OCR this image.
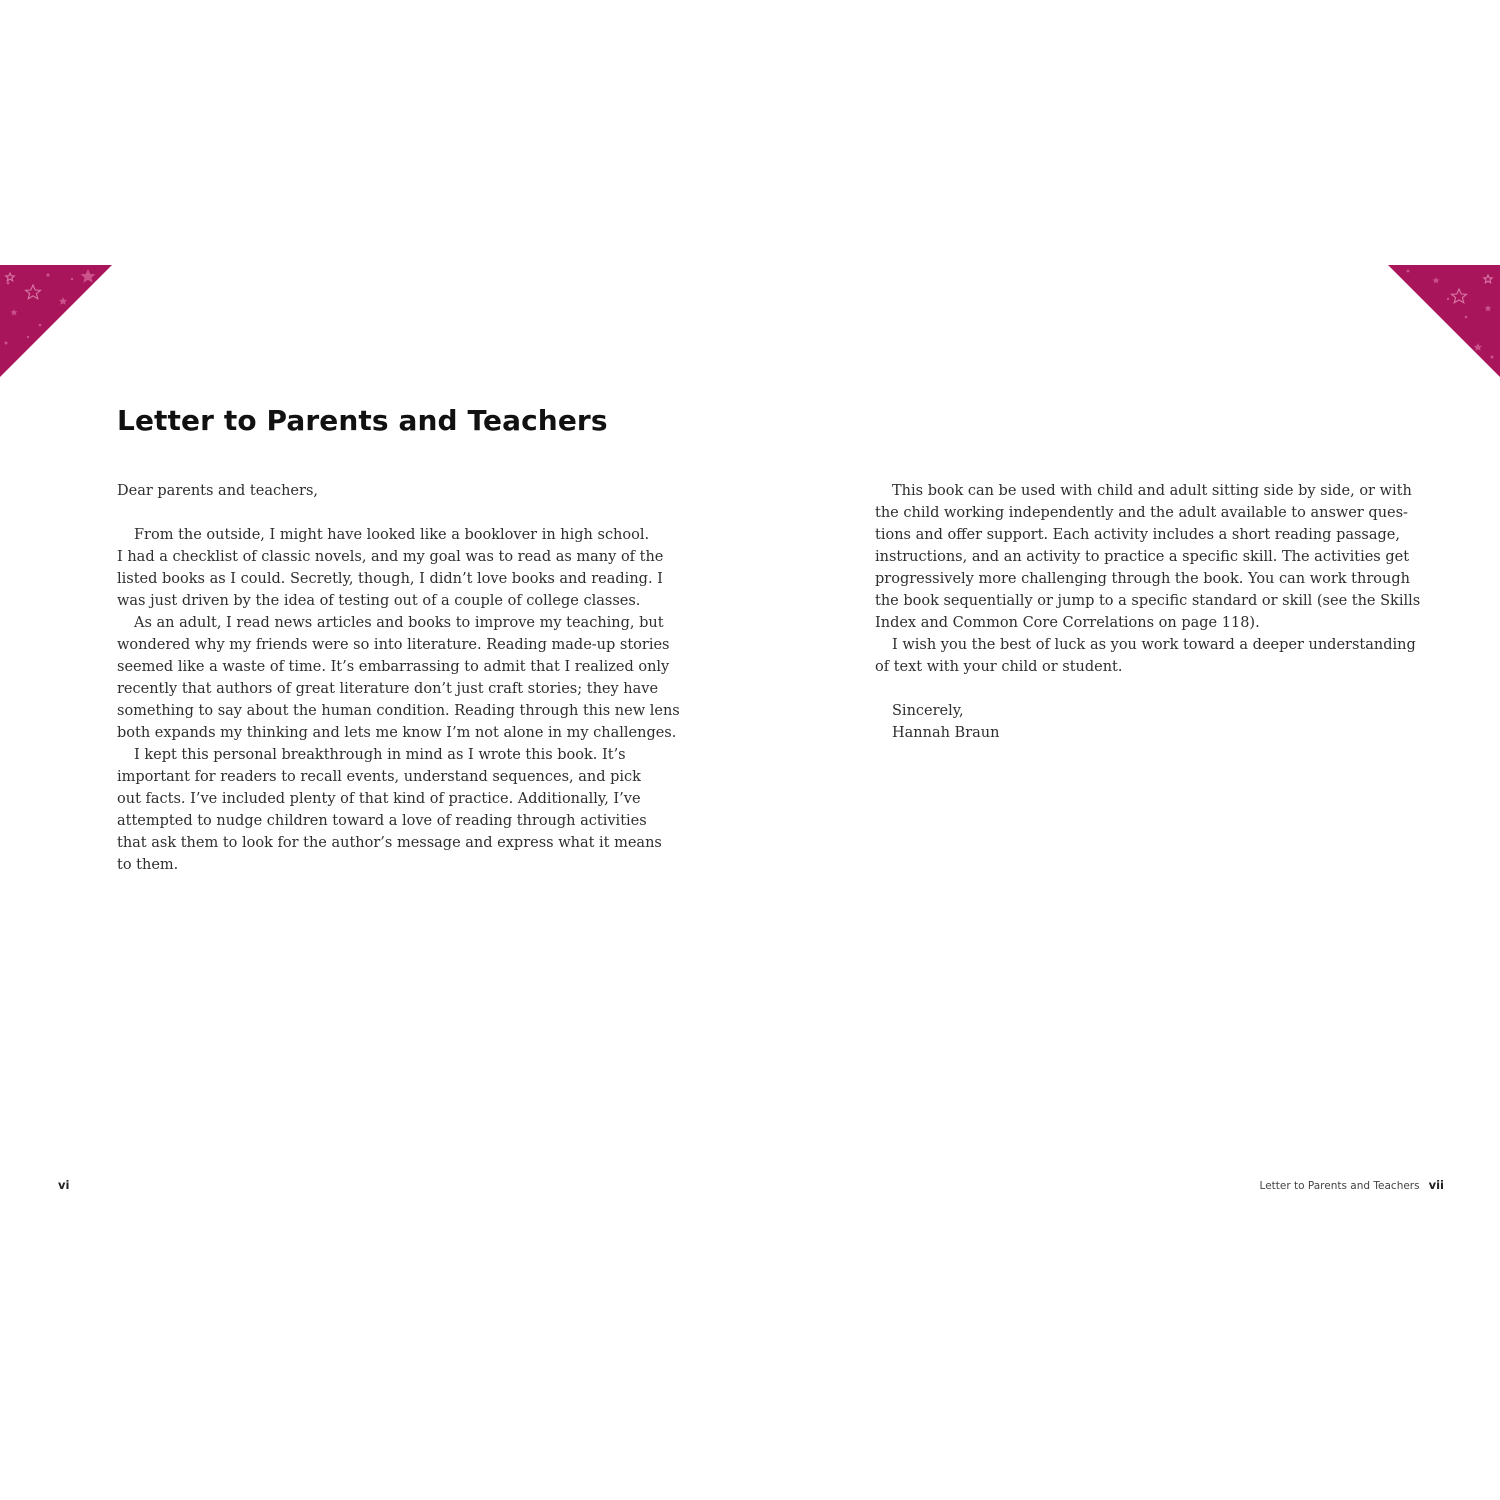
Letter to Parents and Teachers
Dear parents and teachers,
From the outside, I might have looked like a booklover in high school.
I had a checklist of classic novels, and my goal was to read as many of the
listed books as I could. Secretly, though, I didn’t love books and reading. I
was just driven by the idea of testing out of a couple of college classes.
As an adult, I read news articles and books to improve my teaching, but
wondered why my friends were so into literature. Reading made-up stories
seemed like a waste of time. It’s embarrassing to admit that I realized only
recently that authors of great literature don’t just craft stories; they have
something to say about the human condition. Reading through this new lens
both expands my thinking and lets me know I’m not alone in my challenges.
I kept this personal breakthrough in mind as I wrote this book. It’s
important for readers to recall events, understand sequences, and pick
out facts. I’ve included plenty of that kind of practice. Additionally, I’ve
attempted to nudge children toward a love of reading through activities
that ask them to look for the author’s message and express what it means
to them.
This book can be used with child and adult sitting side by side, or with
the child working independently and the adult available to answer ques-
tions and offer support. Each activity includes a short reading passage,
instructions, and an activity to practice a specific skill. The activities get
progressively more challenging through the book. You can work through
the book sequentially or jump to a specific standard or skill (see the Skills
Index and Common Core Correlations on page 118).
I wish you the best of luck as you work toward a deeper understanding
of text with your child or student.
Sincerely,
Hannah Braun
vi	Letter to Parents and Teachers vii
